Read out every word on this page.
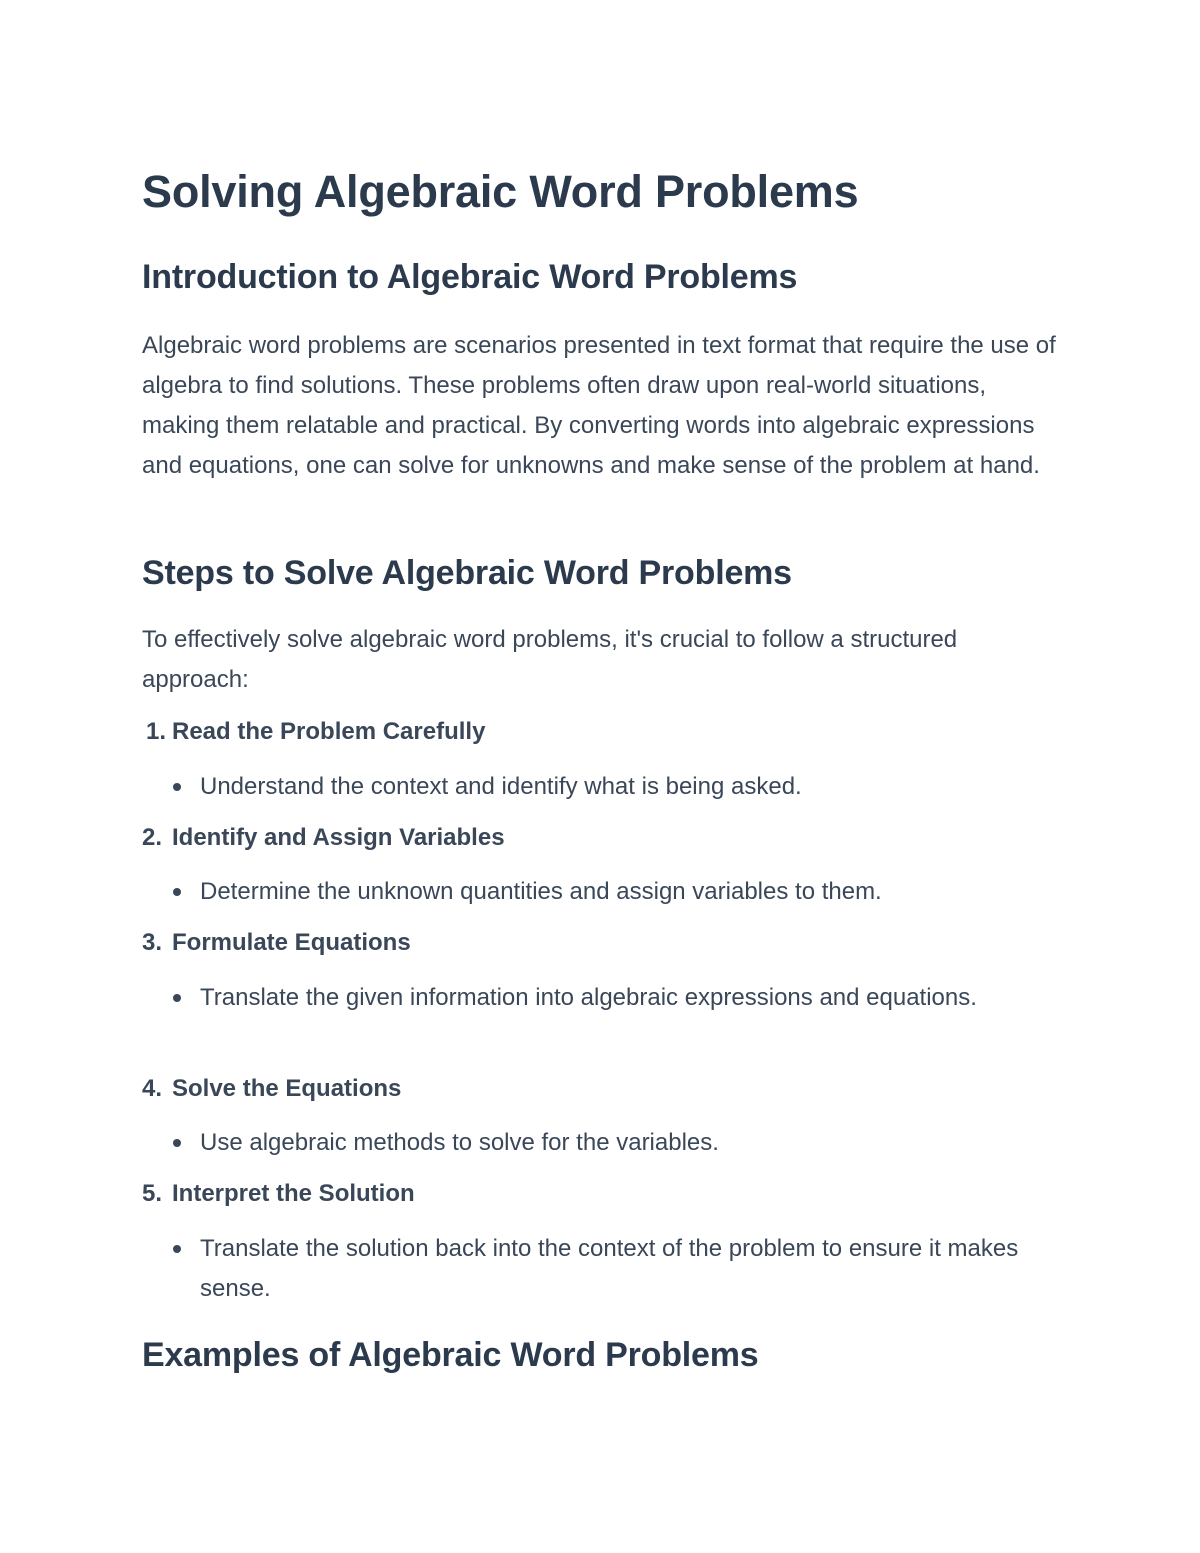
Solving Algebraic Word Problems
Introduction to Algebraic Word Problems

Algebraic word problems are scenarios presented in text format that require the use of algebra to find solutions. These problems often draw upon real-world situations, making them relatable and practical. By converting words into algebraic expressions and equations, one can solve for unknowns and make sense of the problem at hand.

Steps to Solve Algebraic Word Problems

To effectively solve algebraic word problems, it's crucial to follow a structured approach:

1. Read the Problem Carefully
Understand the context and identify what is being asked.
2. Identify and Assign Variables
Determine the unknown quantities and assign variables to them.
3. Formulate Equations
Translate the given information into algebraic expressions and equations.
4. Solve the Equations
Use algebraic methods to solve for the variables.
5. Interpret the Solution
Translate the solution back into the context of the problem to ensure it makes sense.
Examples of Algebraic Word Problems
